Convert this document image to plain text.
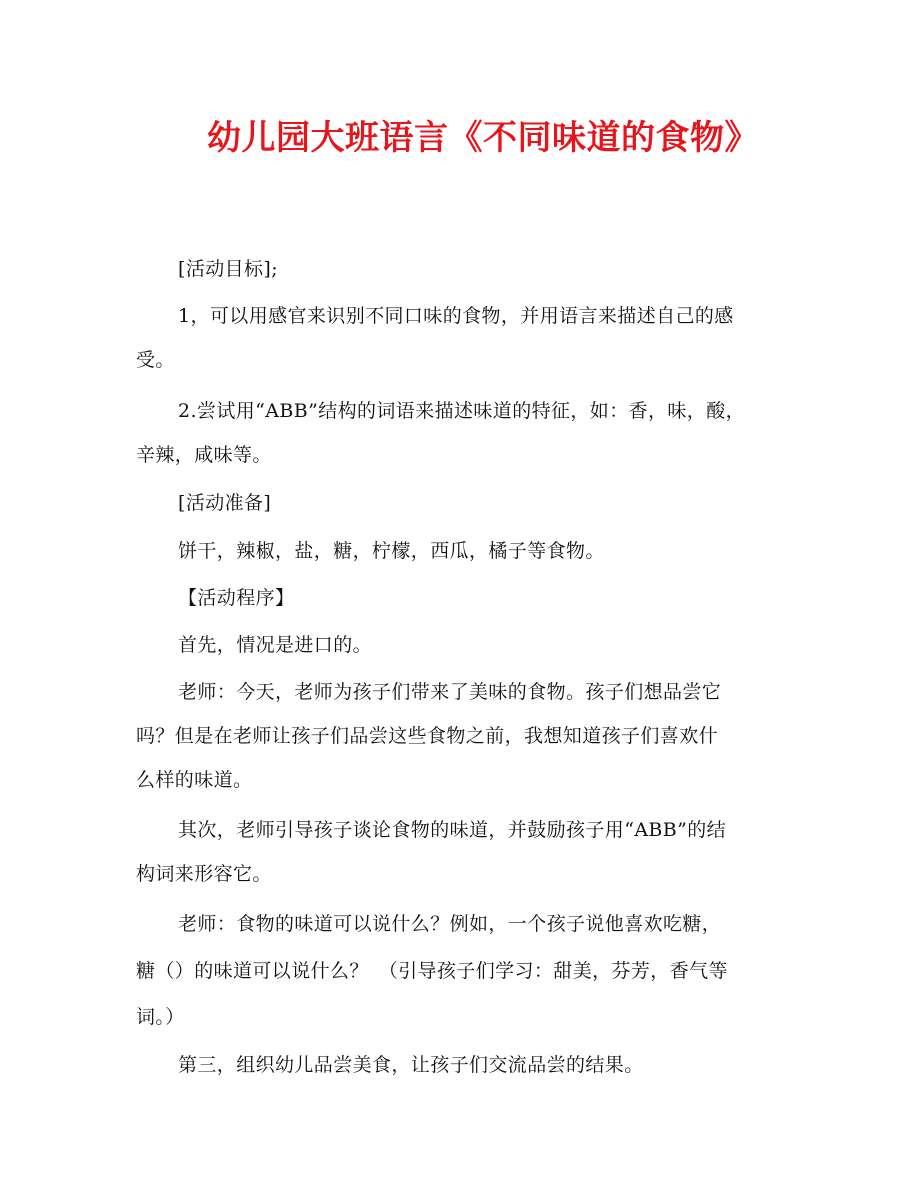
幼儿园大班语言《不同味道的食物》

[活动目标];

1，可以用感官来识别不同口味的食物，并用语言来描述自己的感

受。

2.尝试用“ABB”结构的词语来描述味道的特征，如：香，味，酸，

辛辣，咸味等。

[活动准备]

饼干，辣椒，盐，糖，柠檬，西瓜，橘子等食物。

【活动程序】

首先，情况是进口的。

老师：今天，老师为孩子们带来了美味的食物。孩子们想品尝它

吗？但是在老师让孩子们品尝这些食物之前，我想知道孩子们喜欢什

么样的味道。

其次，老师引导孩子谈论食物的味道，并鼓励孩子用“ABB”的结

构词来形容它。

老师：食物的味道可以说什么？例如，一个孩子说他喜欢吃糖，

糖（）的味道可以说什么？　（引导孩子们学习：甜美，芬芳，香气等

词。）

第三，组织幼儿品尝美食，让孩子们交流品尝的结果。
